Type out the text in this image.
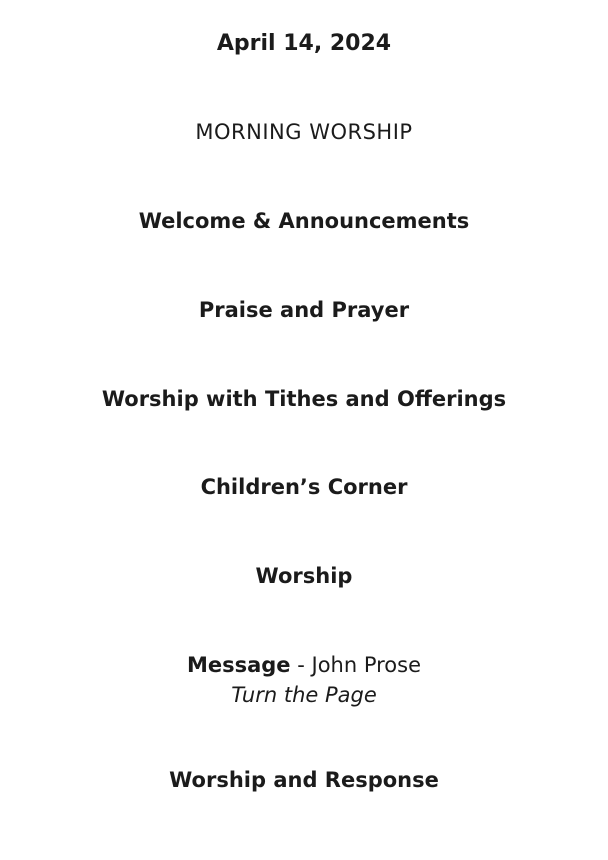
April 14, 2024
MORNING WORSHIP
Welcome & Announcements
Praise and Prayer
Worship with Tithes and Offerings
Children’s Corner
Worship
Message - John Prose
Turn the Page
Worship and Response
